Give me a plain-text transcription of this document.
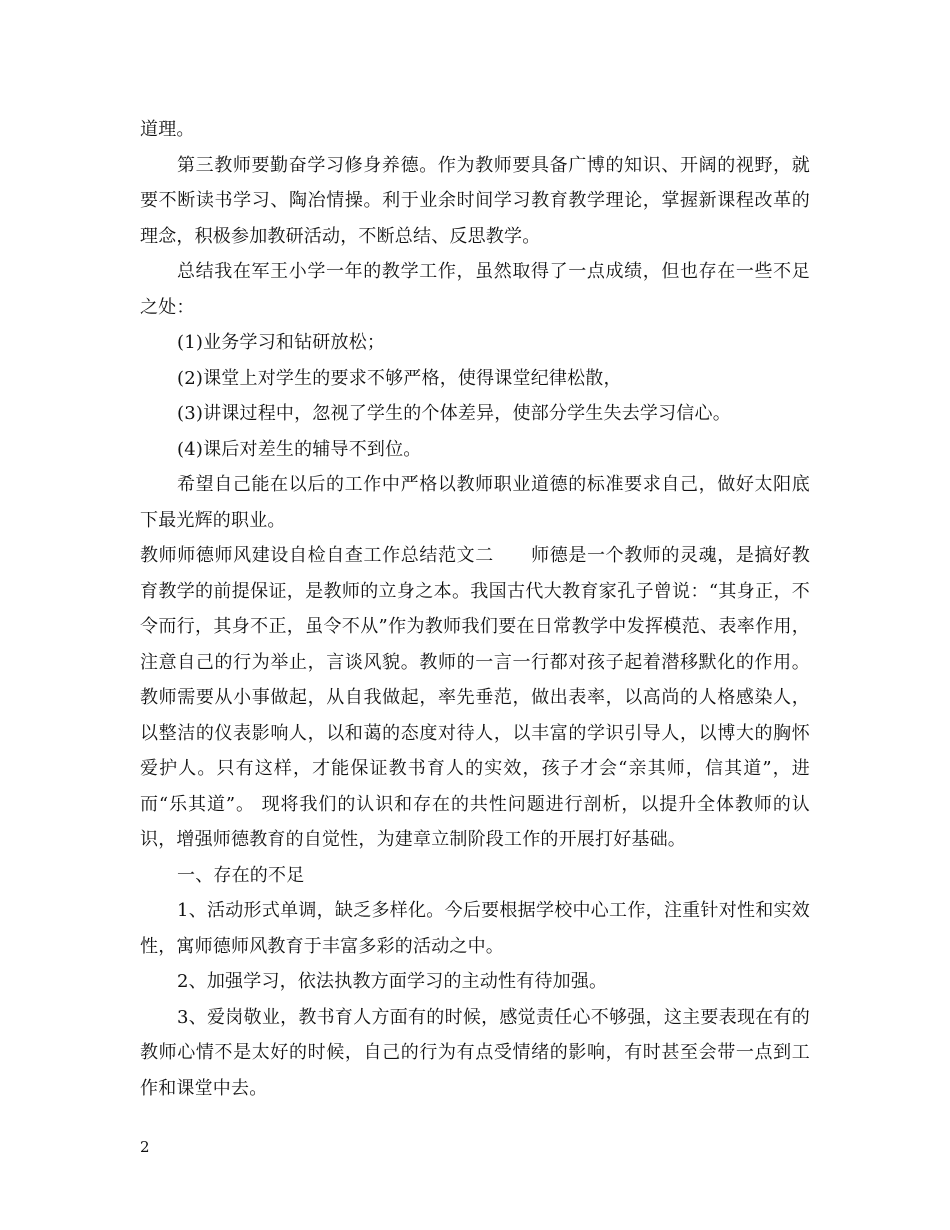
道理。

第三教师要勤奋学习修身养德。作为教师要具备广博的知识、开阔的视野，就要不断读书学习、陶冶情操。利于业余时间学习教育教学理论，掌握新课程改革的理念，积极参加教研活动，不断总结、反思教学。

总结我在军王小学一年的教学工作，虽然取得了一点成绩，但也存在一些不足之处：

(1)业务学习和钻研放松；

(2)课堂上对学生的要求不够严格，使得课堂纪律松散，

(3)讲课过程中，忽视了学生的个体差异，使部分学生失去学习信心。

(4)课后对差生的辅导不到位。

希望自己能在以后的工作中严格以教师职业道德的标准要求自己，做好太阳底下最光辉的职业。

教师师德师风建设自检自查工作总结范文二　　师德是一个教师的灵魂，是搞好教育教学的前提保证，是教师的立身之本。我国古代大教育家孔子曾说：“其身正，不令而行，其身不正，虽令不从”作为教师我们要在日常教学中发挥模范、表率作用，注意自己的行为举止，言谈风貌。教师的一言一行都对孩子起着潜移默化的作用。教师需要从小事做起，从自我做起，率先垂范，做出表率，以高尚的人格感染人，以整洁的仪表影响人，以和蔼的态度对待人，以丰富的学识引导人，以博大的胸怀爱护人。只有这样，才能保证教书育人的实效，孩子才会“亲其师，信其道”，进而“乐其道”。 现将我们的认识和存在的共性问题进行剖析，以提升全体教师的认识，增强师德教育的自觉性，为建章立制阶段工作的开展打好基础。

一、存在的不足

1、活动形式单调，缺乏多样化。今后要根据学校中心工作，注重针对性和实效性，寓师德师风教育于丰富多彩的活动之中。

2、加强学习，依法执教方面学习的主动性有待加强。

3、爱岗敬业，教书育人方面有的时候，感觉责任心不够强，这主要表现在有的教师心情不是太好的时候，自己的行为有点受情绪的影响，有时甚至会带一点到工作和课堂中去。

2
